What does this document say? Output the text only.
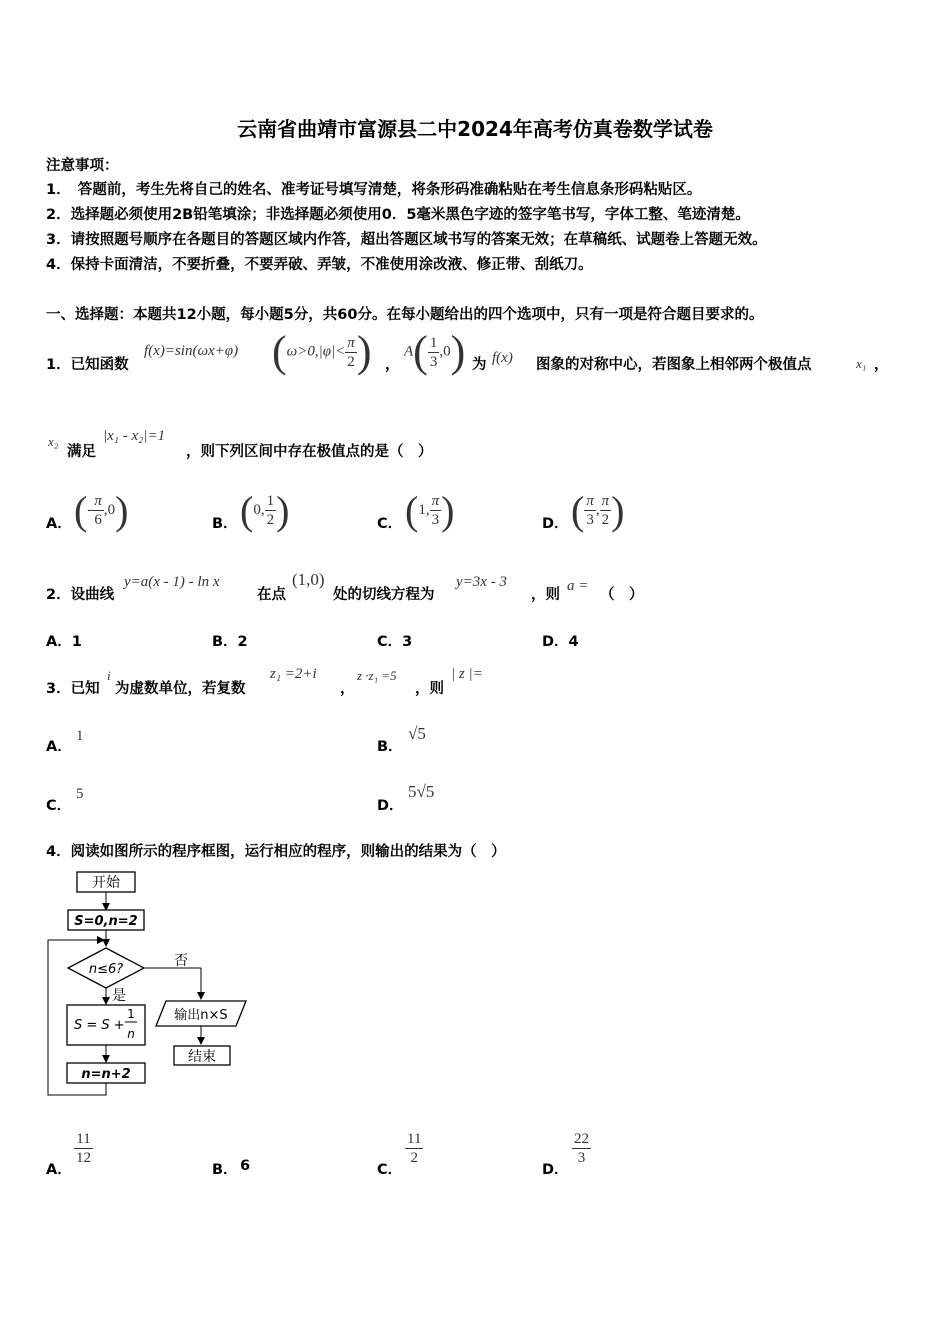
云南省曲靖市富源县二中2024年高考仿真卷数学试卷
注意事项：
1．　答题前，考生先将自己的姓名、准考证号填写清楚，将条形码准确粘贴在考生信息条形码粘贴区。
2．选择题必须使用2B铅笔填涂；非选择题必须使用0．5毫米黑色字迹的签字笔书写，字体工整、笔迹清楚。
3．请按照题号顺序在各题目的答题区域内作答，超出答题区域书写的答案无效；在草稿纸、试题卷上答题无效。
4．保持卡面清洁，不要折叠，不要弄破、弄皱，不准使用涂改液、修正带、刮纸刀。
一、选择题：本题共12小题，每小题5分，共60分。在每小题给出的四个选项中，只有一项是符合题目要求的。
1．已知函数
f(x)=sin(ωx+φ) ($\omega>0,|\varphi|< \frac{\pi}{2}$ ) ，
$A( \frac{1}{3} ,0)$ 为 f(x) 图象的对称中心，若图象上相邻两个极值点	x₁ ，
x₂
满足
|x₁ - x₂|=1
，则下列区间中存在极值点的是（　）
A． (- $\frac{\pi}{6} ,0$)	B． (0, $\frac{1}{2}$ )	C． (1, $\frac{\pi}{3}$ )	D． ( $\frac{\pi}{3}$ , $\frac{\pi}{2}$ )
2．设曲线
y=a(x - 1) - ln x
在点
(1,0)
处的切线方程为
y=3x - 3
，则
a =
（　）
A．1	B．2	C．3	D．4
3．已知
i
为虚数单位，若复数
z₁ =2+i
，
z ·z₁ =5
，则
| z |=
A．
1
B．
√5
C．
5
D．
5√5
4．阅读如图所示的程序框图，运行相应的程序，则输出的结果为（　）
开始
S=0,n=2
n≤6?
否
是
S = S +
1
n
n=n+2
输出n×S
结束
A．
$\frac{11}{12}$
B． 6	C．
$\frac{11}{2}$
D．
$\frac{22}{3}$
